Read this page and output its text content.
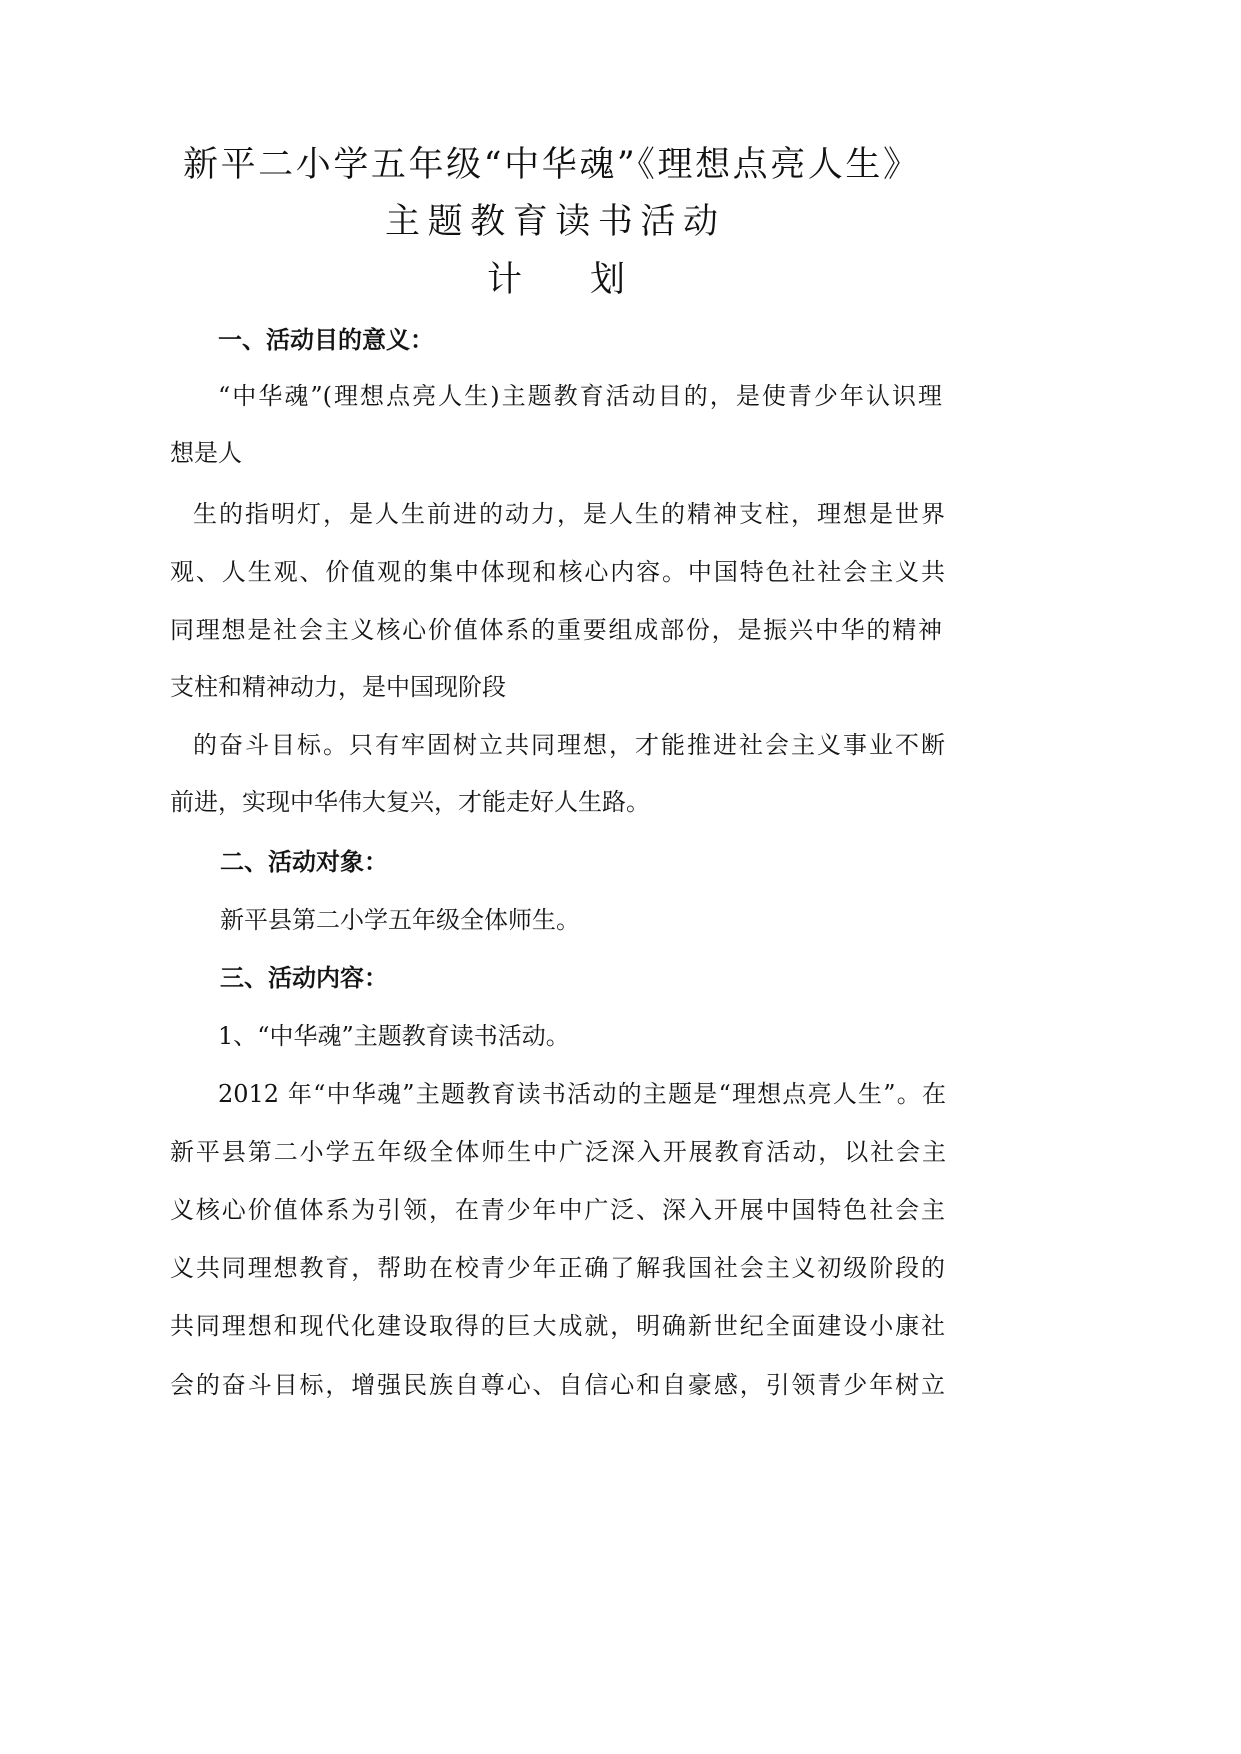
新平二小学五年级“中华魂”《理想点亮人生》
主题教育读书活动
计划
一、活动目的意义：
“中华魂”(理想点亮人生)主题教育活动目的，是使青少年认识理
想是人
生的指明灯，是人生前进的动力，是人生的精神支柱，理想是世界
观、人生观、价值观的集中体现和核心内容。中国特色社社会主义共
同理想是社会主义核心价值体系的重要组成部份，是振兴中华的精神
支柱和精神动力，是中国现阶段
的奋斗目标。只有牢固树立共同理想，才能推进社会主义事业不断
前进，实现中华伟大复兴，才能走好人生路。
二、活动对象：
新平县第二小学五年级全体师生。
三、活动内容：
1、“中华魂”主题教育读书活动。
2012 年“中华魂”主题教育读书活动的主题是“理想点亮人生”。在
新平县第二小学五年级全体师生中广泛深入开展教育活动，以社会主
义核心价值体系为引领，在青少年中广泛、深入开展中国特色社会主
义共同理想教育，帮助在校青少年正确了解我国社会主义初级阶段的
共同理想和现代化建设取得的巨大成就，明确新世纪全面建设小康社
会的奋斗目标，增强民族自尊心、自信心和自豪感，引领青少年树立
